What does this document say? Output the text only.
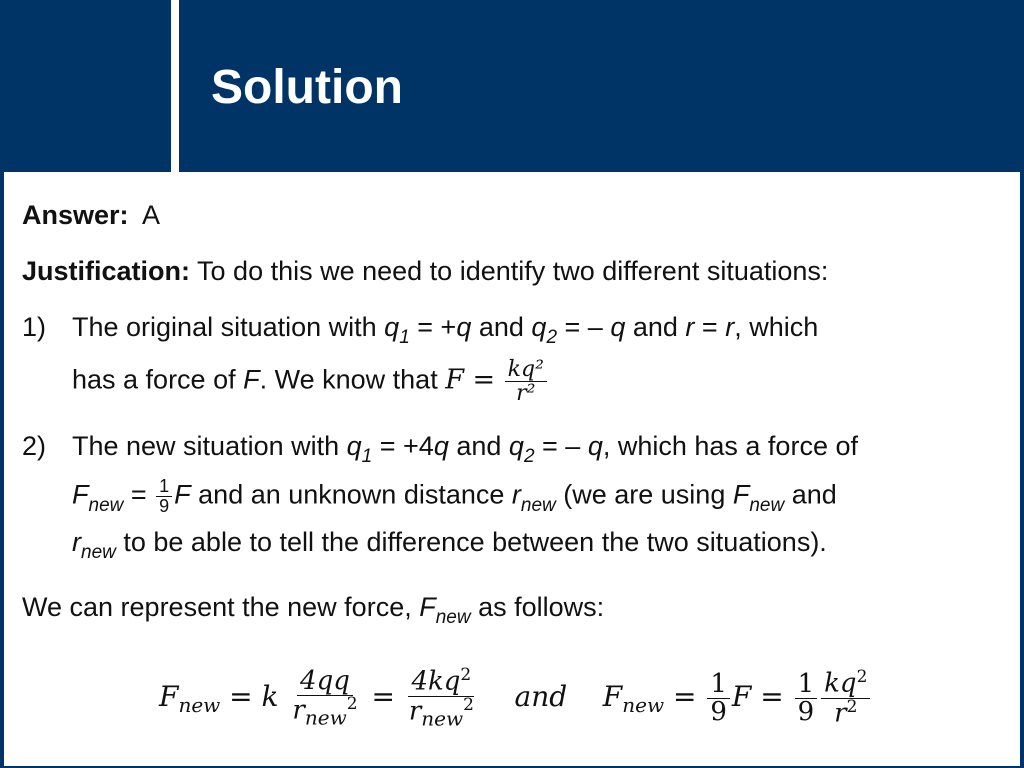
Solution
Answer: A
Justification: To do this we need to identify two different situations:
1) The original situation with $q_1 = +q$ and $q_2$ = – q and r = r, which
has a force of F. We know that $F = \frac{\text{kq²}}{\text{r²}}$
2) The new situation with $q_1 = +4q$ and $q_2$ = – q, which has a force of
$F_{new} = \frac{1}{9}$ F and an unknown distance $r_{new}$ (we are using $F_{new}$ and
$r_{new}$ to be able to tell the difference between the two situations).
We can represent the new force, $F_{new}$ as follows:
$F_{new} = k \frac{4qq}{r_{new}^2} = \frac{4kq^2}{r_{new}^2}$ and $F_{new} = \frac{1}{9}$ $F = \frac{1}{9} \frac{kq^2}{r^2}$
